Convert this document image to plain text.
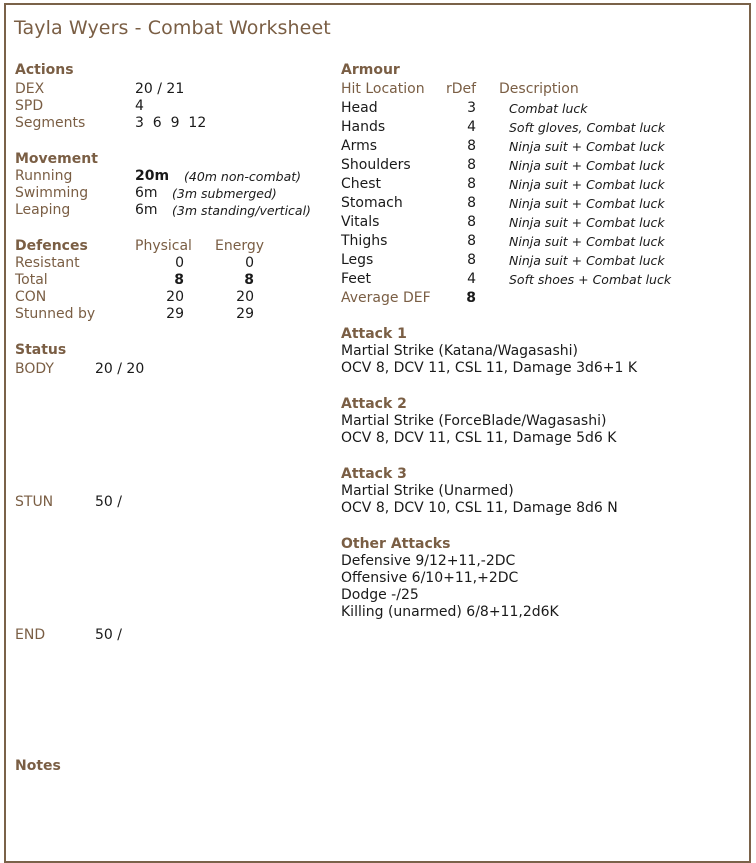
Tayla Wyers - Combat Worksheet
Actions
DEX	20 / 21
SPD	4
Segments	3  6  9  12
Movement
Running	20m (40m non-combat)
Swimming	6m (3m submerged)
Leaping	6m (3m standing/vertical)
Defences	Physical Energy
Resistant	0	0
Total	8	8
CON	20	20
Stunned by	29	29
Status
BODY	20 / 20
STUN	50 /
END	50 /
Notes
Armour
Hit Location rDef Description
Head	3	Combat luck
Hands	4	Soft gloves, Combat luck
Arms	8	Ninja suit + Combat luck
Shoulders	8	Ninja suit + Combat luck
Chest	8	Ninja suit + Combat luck
Stomach	8	Ninja suit + Combat luck
Vitals	8	Ninja suit + Combat luck
Thighs	8	Ninja suit + Combat luck
Legs	8	Ninja suit + Combat luck
Feet	4	Soft shoes + Combat luck
Average DEF	8
Attack 1
Martial Strike (Katana/Wagasashi)
OCV 8, DCV 11, CSL 11, Damage 3d6+1 K
Attack 2
Martial Strike (ForceBlade/Wagasashi)
OCV 8, DCV 11, CSL 11, Damage 5d6 K
Attack 3
Martial Strike (Unarmed)
OCV 8, DCV 10, CSL 11, Damage 8d6 N
Other Attacks
Defensive 9/12+11,-2DC
Offensive 6/10+11,+2DC
Dodge -/25
Killing (unarmed) 6/8+11,2d6K
